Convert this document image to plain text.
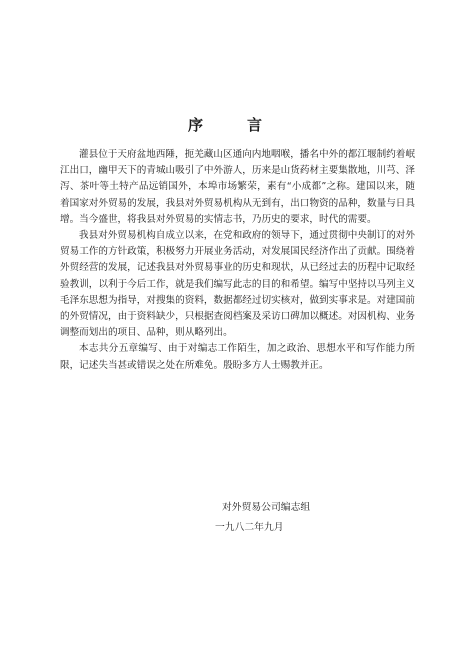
序言

灌县位于天府盆地西陲，扼羌藏山区通向内地咽喉，播名中外的都江堰制约着岷江出口，幽甲天下的青城山吸引了中外游人，历来是山货药材主要集散地，川芎、泽泻、茶叶等土特产品远销国外，本埠市场繁荣，素有“小成都”之称。建国以来，随着国家对外贸易的发展，我县对外贸易机构从无到有，出口物资的品种，数量与日具增。当今盛世，将我县对外贸易的实情志书，乃历史的要求，时代的需要。

我县对外贸易机构自成立以来，在党和政府的领导下，通过贯彻中央制订的对外贸易工作的方针政策，积极努力开展业务活动，对发展国民经济作出了贡献。围绕着外贸经营的发展，记述我县对外贸易事业的历史和现状，从已经过去的历程中记取经验教训，以利于今后工作，就是我们编写此志的目的和希望。编写中坚持以马列主义毛泽东思想为指导，对搜集的资料，数据都经过切实核对，做到实事求是。对建国前的外贸情况，由于资料缺少，只根据查阅档案及采访口碑加以概述。对因机构、业务调整而划出的项目、品种，则从略列出。

本志共分五章编写、由于对编志工作陌生，加之政治、思想水平和写作能力所限，记述失当甚或错误之处在所难免。殷盼多方人士赐教并正。

对外贸易公司编志组
一九八二年九月
